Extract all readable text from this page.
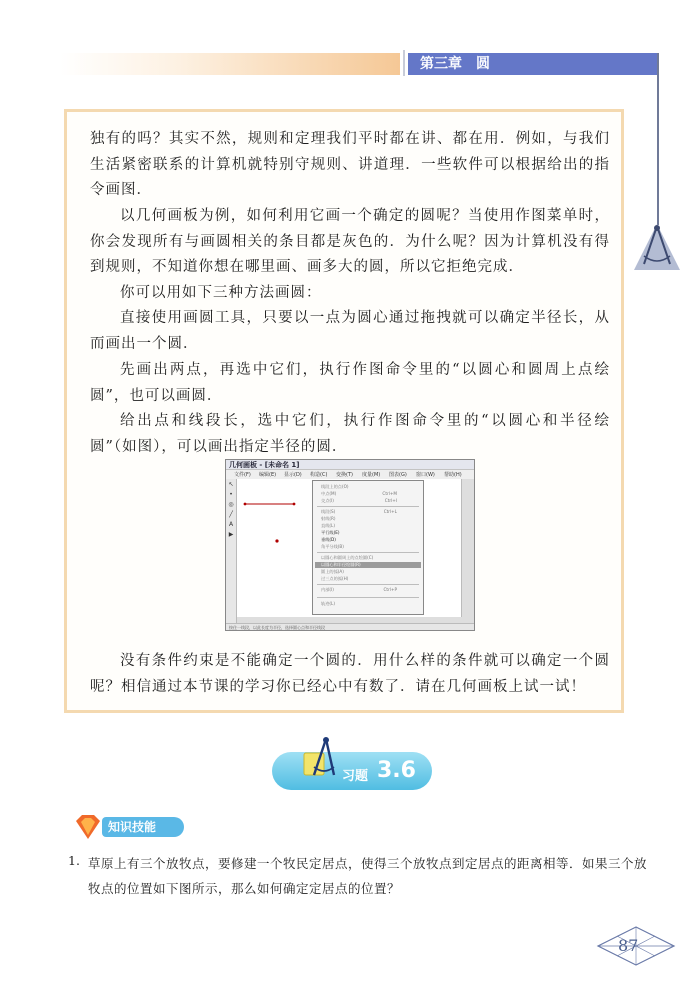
第三章　圆

独有的吗？其实不然，规则和定理我们平时都在讲、都在用．例如，与我们生活紧密联系的计算机就特别守规则、讲道理．一些软件可以根据给出的指令画图．

以几何画板为例，如何利用它画一个确定的圆呢？当使用作图菜单时，你会发现所有与画圆相关的条目都是灰色的．为什么呢？因为计算机没有得到规则，不知道你想在哪里画、画多大的圆，所以它拒绝完成．

你可以用如下三种方法画圆：

直接使用画圆工具，只要以一点为圆心通过拖拽就可以确定半径长，从而画出一个圆．

先画出两点，再选中它们，执行作图命令里的“以圆心和圆周上点绘圆”，也可以画圆．

给出点和线段长，选中它们，执行作图命令里的“以圆心和半径绘圆”（如图），可以画出指定半径的圆．

几何画板 - [未命名 1]
文件(F) 编辑(E) 显示(D) 构造(C) 变换(T) 度量(M) 图表(G) 窗口(W) 帮助(H)
↖
•
◎
╱
A
▶
按住一线段，以此长度为半径，选择圆心点和半径线段
线段上的点(O)
中点(M)	Ctrl+M
交点(I)	Ctrl+I
线段(S)	Ctrl+L
射线(R)
直线(L)
平行线(E)
垂线(D)
角平分线(B)
以圆心和圆周上的点绘圆(C)
以圆心和半径绘圆(R)
圆上的弧(A)
过三点的弧(H)
内部(I)	Ctrl+P
轨迹(L)

没有条件约束是不能确定一个圆的．用什么样的条件就可以确定一个圆呢？相信通过本节课的学习你已经心中有数了．请在几何画板上试一试！

习题 3.6
知识技能
1. 草原上有三个放牧点，要修建一个牧民定居点，使得三个放牧点到定居点的距离相等．如果三个放牧点的位置如下图所示，那么如何确定定居点的位置？

87
